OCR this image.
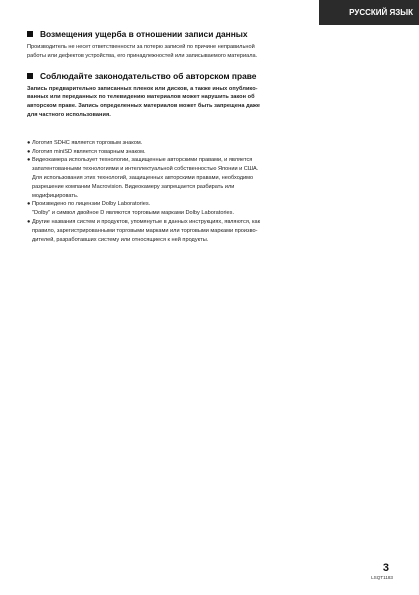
РУССКИЙ ЯЗЫК
Возмещения ущерба в отношении записи данных
Производитель не несет ответственности за потерю записей по причине неправильной
работы или дефектов устройства, его принадлежностей или записываемого материала.
Соблюдайте законодательство об авторском праве
Запись предварительно записанных пленок или дисков, а также иных опублико-
ванных или переданных по телевидению материалов может нарушить закон об
авторском праве. Запись определенных материалов может быть запрещена даже
для частного использования.
● Логотип SDHC является торговым знаком.
● Логотип miniSD является товарным знаком.
● Видеокамера использует технологии, защищенные авторскими правами, и является
запатентованными технологиями и интеллектуальной собственностью Японии и США.
Для использования этих технологий, защищенных авторскими правами, необходимо
разрешение компании Macrovision. Видеокамеру запрещается разбирать или
модифицировать.
● Произведено по лицензии Dolby Laboratories.
"Dolby" и символ двойное D являются торговыми марками Dolby Laboratories.
● Другие названия систем и продуктов, упомянутые в данных инструкциях, являются, как
правило, зарегистрированными торговыми марками или торговыми марками произво-
дителей, разработавших систему или относящиеся к ней продукты.
3
LSQT1183
